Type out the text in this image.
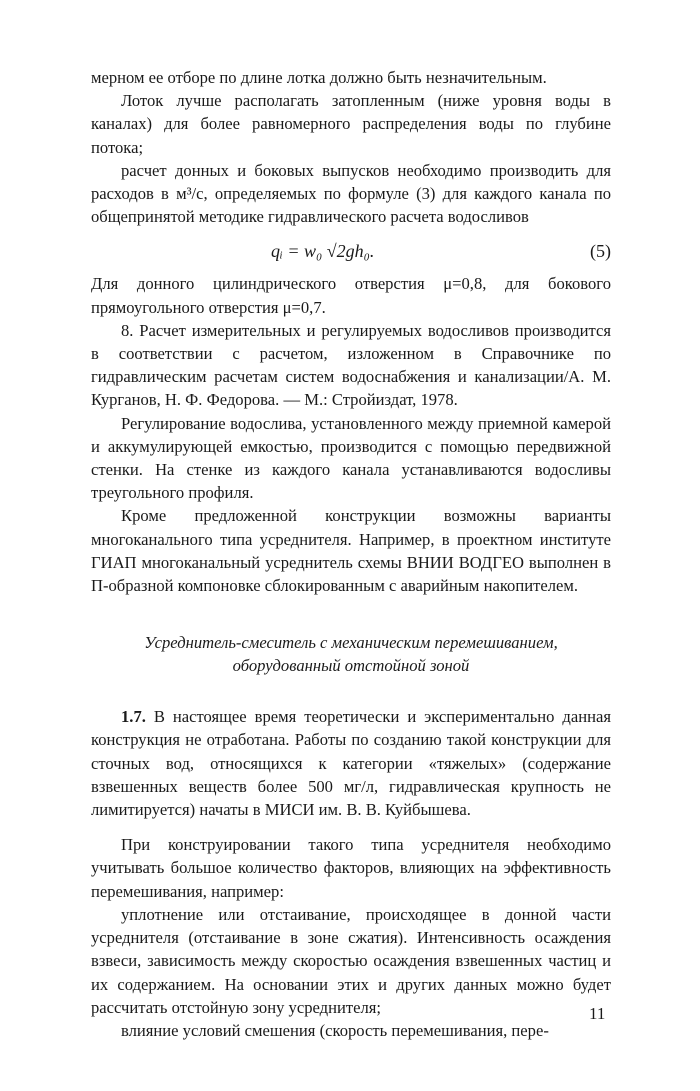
мерном ее отборе по длине лотка должно быть незначительным.

Лоток лучше располагать затопленным (ниже уровня воды в каналах) для более равномерного распределения воды по глубине потока;

расчет донных и боковых выпусков необходимо производить для расходов в м³/с, определяемых по формуле (3) для каждого канала по общепринятой методике гидравлического расчета водосливов

qᵢ = w₀ √2gh₀.	(5)

Для донного цилиндрического отверстия μ=0,8, для бокового прямоугольного отверстия μ=0,7.

8. Расчет измерительных и регулируемых водосливов производится в соответствии с расчетом, изложенном в Справочнике по гидравлическим расчетам систем водоснабжения и канализации/А. М. Курганов, Н. Ф. Федорова. — М.: Стройиздат, 1978.

Регулирование водослива, установленного между приемной камерой и аккумулирующей емкостью, производится с помощью передвижной стенки. На стенке из каждого канала устанавливаются водосливы треугольного профиля.

Кроме предложенной конструкции возможны варианты многоканального типа усреднителя. Например, в проектном институте ГИАП многоканальный усреднитель схемы ВНИИ ВОДГЕО выполнен в П-образной компоновке сблокированным с аварийным накопителем.

Усреднитель-смеситель с механическим перемешиванием,
оборудованный отстойной зоной

1.7. В настоящее время теоретически и экспериментально данная конструкция не отработана. Работы по созданию такой конструкции для сточных вод, относящихся к категории «тяжелых» (содержание взвешенных веществ более 500 мг/л, гидравлическая крупность не лимитируется) начаты в МИСИ им. В. В. Куйбышева.

При конструировании такого типа усреднителя необходимо учитывать большое количество факторов, влияющих на эффективность перемешивания, например:

уплотнение или отстаивание, происходящее в донной части усреднителя (отстаивание в зоне сжатия). Интенсивность осаждения взвеси, зависимость между скоростью осаждения взвешенных частиц и их содержанием. На основании этих и других данных можно будет рассчитать отстойную зону усреднителя;

влияние условий смешения (скорость перемешивания, пере-

11
